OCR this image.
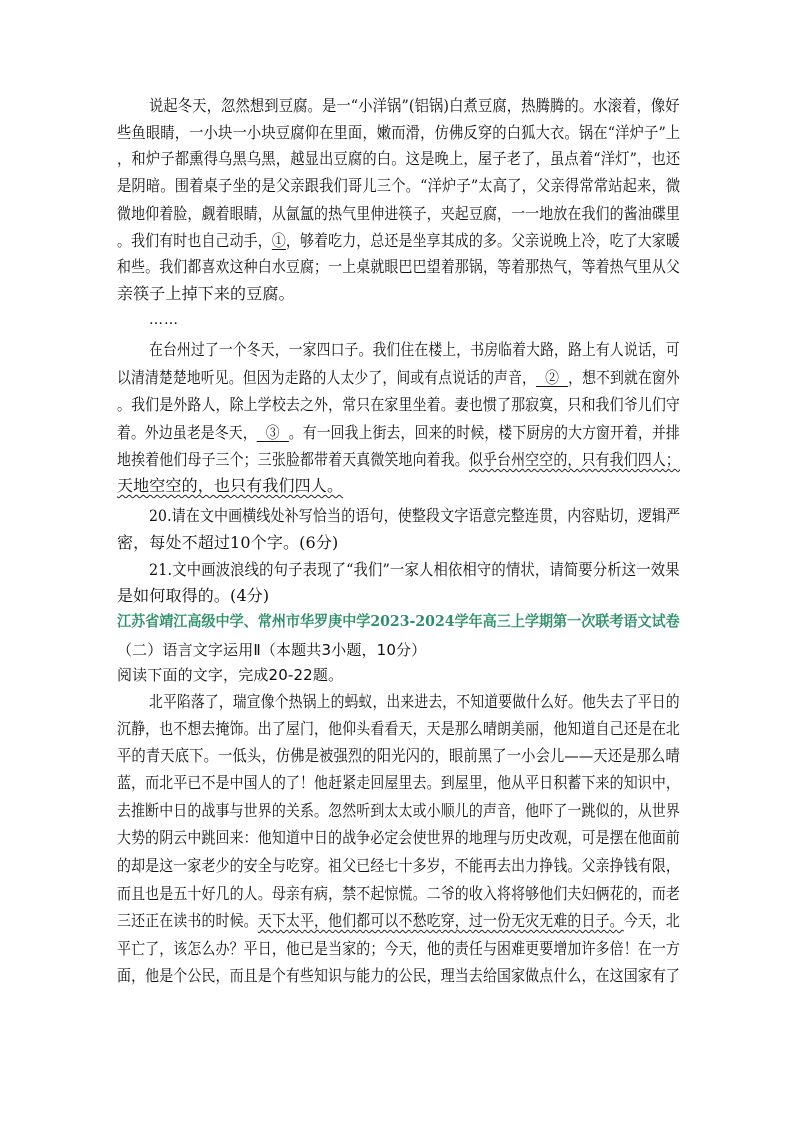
说起冬天，忽然想到豆腐。是一“小洋锅”(铝锅)白煮豆腐，热腾腾的。水滚着，像好
些鱼眼睛，一小块一小块豆腐仰在里面，嫩而滑，仿佛反穿的白狐大衣。锅在“洋炉子”上
，和炉子都熏得乌黑乌黑，越显出豆腐的白。这是晚上，屋子老了，虽点着“洋灯”，也还
是阴暗。围着桌子坐的是父亲跟我们哥儿三个。“洋炉子”太高了，父亲得常常站起来，微
微地仰着脸，觑着眼睛，从氤氲的热气里伸进筷子，夹起豆腐，一一地放在我们的酱油碟里
。我们有时也自己动手，①，够着吃力，总还是坐享其成的多。父亲说晚上冷，吃了大家暖
和些。我们都喜欢这种白水豆腐；一上桌就眼巴巴望着那锅，等着那热气，等着热气里从父
亲筷子上掉下来的豆腐。
……
在台州过了一个冬天，一家四口子。我们住在楼上，书房临着大路，路上有人说话，可
以清清楚楚地听见。但因为走路的人太少了，间或有点说话的声音， ② ，想不到就在窗外
。我们是外路人，除上学校去之外，常只在家里坐着。妻也惯了那寂寞，只和我们爷儿们守
着。外边虽老是冬天， ③ 。有一回我上街去，回来的时候，楼下厨房的大方窗开着，并排
地挨着他们母子三个；三张脸都带着天真微笑地向着我。似乎台州空空的，只有我们四人；
天地空空的，也只有我们四人。
20.请在文中画横线处补写恰当的语句，使整段文字语意完整连贯，内容贴切，逻辑严
密，每处不超过10个字。(6分)
21.文中画波浪线的句子表现了“我们”一家人相依相守的情状，请简要分析这一效果
是如何取得的。(4分)
江苏省靖江高级中学、常州市华罗庚中学2023-2024学年高三上学期第一次联考语文试卷
（二）语言文字运用Ⅱ（本题共3小题，10分）
阅读下面的文字，完成20-22题。
北平陷落了，瑞宣像个热锅上的蚂蚁，出来进去，不知道要做什么好。他失去了平日的
沉静，也不想去掩饰。出了屋门，他仰头看看天，天是那么晴朗美丽，他知道自己还是在北
平的青天底下。一低头，仿佛是被强烈的阳光闪的，眼前黑了一小会儿——天还是那么晴
蓝，而北平已不是中国人的了！他赶紧走回屋里去。到屋里，他从平日积蓄下来的知识中，
去推断中日的战事与世界的关系。忽然听到太太或小顺儿的声音，他吓了一跳似的，从世界
大势的阴云中跳回来：他知道中日的战争必定会使世界的地理与历史改观，可是摆在他面前
的却是这一家老少的安全与吃穿。祖父已经七十多岁，不能再去出力挣钱。父亲挣钱有限，
而且也是五十好几的人。母亲有病，禁不起惊慌。二爷的收入将将够他们夫妇俩花的，而老
三还正在读书的时候。天下太平，他们都可以不愁吃穿，过一份无灾无难的日子。今天，北
平亡了，该怎么办？平日，他已是当家的；今天，他的责任与困难更要增加许多倍！在一方
面，他是个公民，而且是个有些知识与能力的公民，理当去给国家做点什么，在这国家有了
